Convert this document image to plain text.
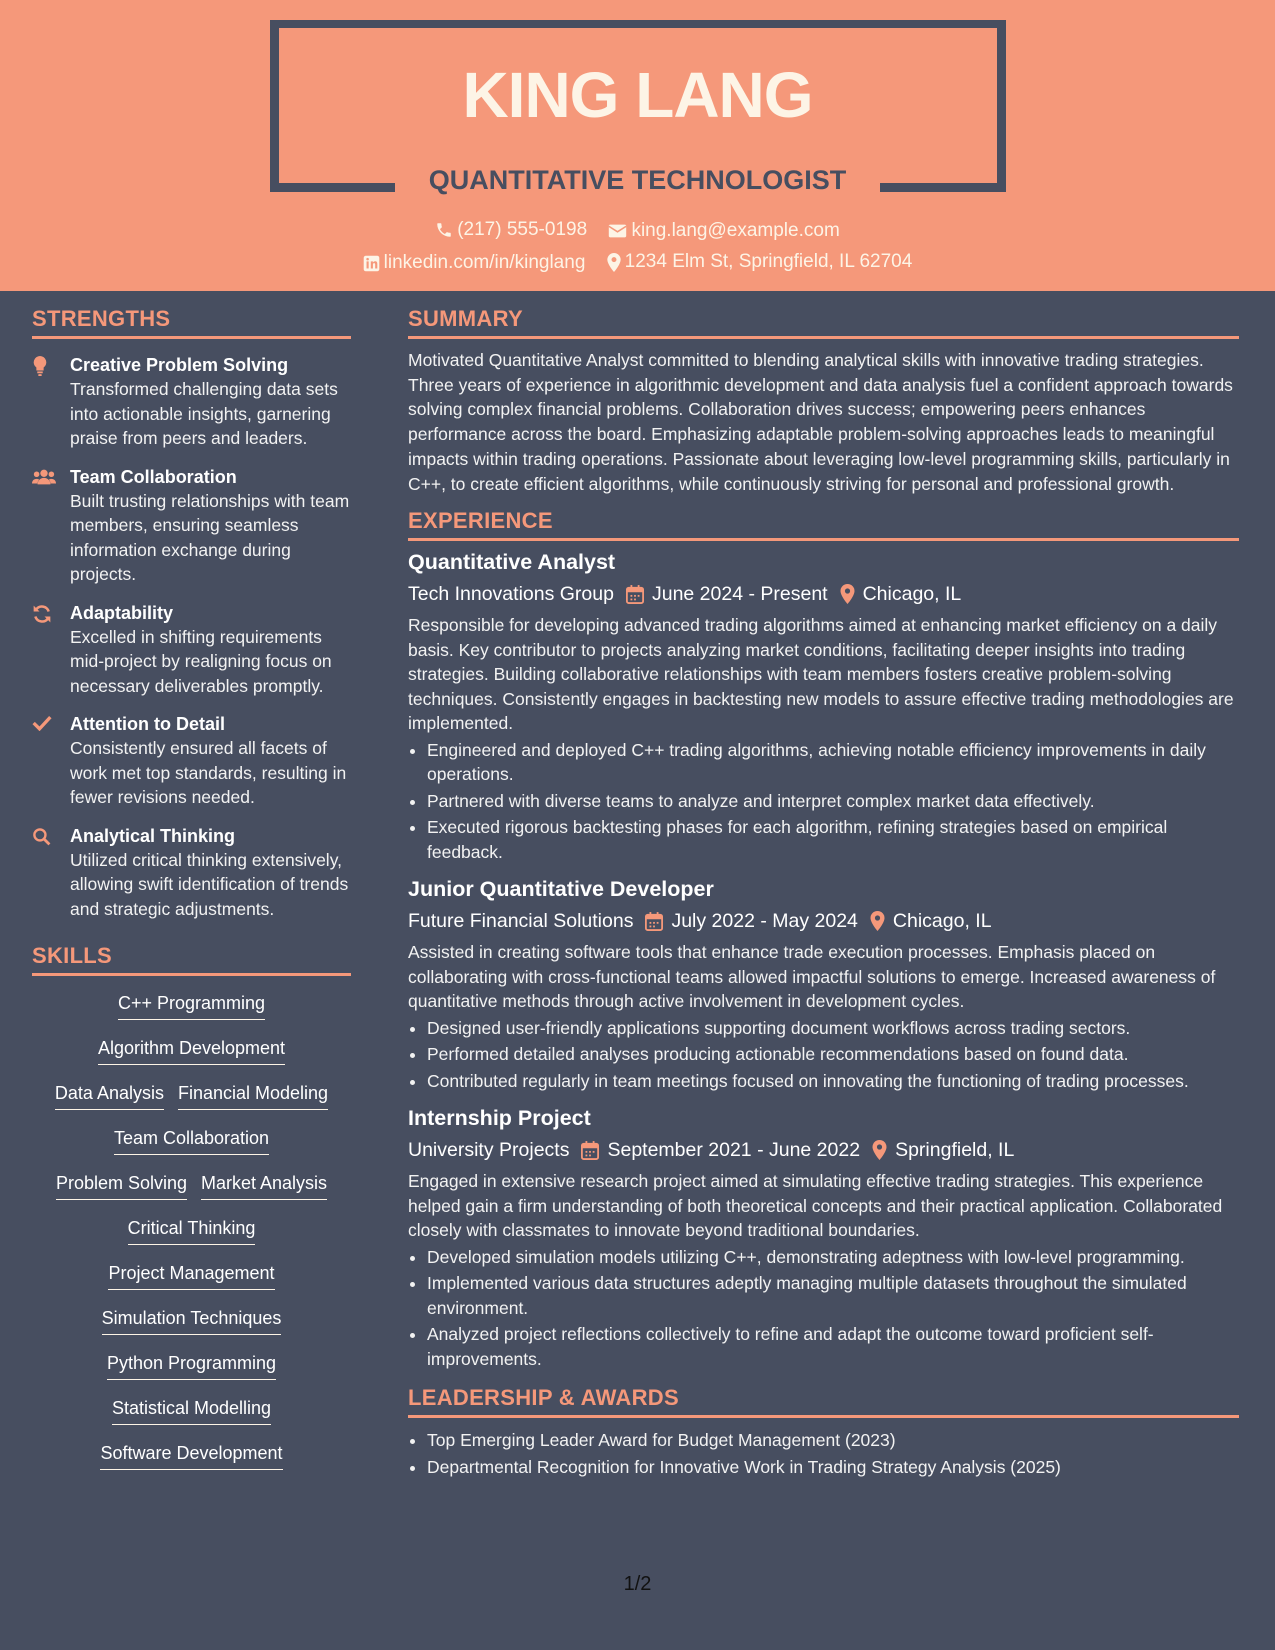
KING LANG
QUANTITATIVE TECHNOLOGIST
(217) 555-0198
king.lang@example.com
linkedin.com/in/kinglang
1234 Elm St, Springfield, IL 62704
STRENGTHS
Creative Problem Solving
Transformed challenging data sets into actionable insights, garnering praise from peers and leaders.
Team Collaboration
Built trusting relationships with team members, ensuring seamless information exchange during projects.
Adaptability
Excelled in shifting requirements mid-project by realigning focus on necessary deliverables promptly.
Attention to Detail
Consistently ensured all facets of work met top standards, resulting in fewer revisions needed.
Analytical Thinking
Utilized critical thinking extensively, allowing swift identification of trends and strategic adjustments.
SKILLS
C++ Programming
Algorithm Development
Data Analysis Financial Modeling
Team Collaboration
Problem Solving Market Analysis
Critical Thinking
Project Management
Simulation Techniques
Python Programming
Statistical Modelling
Software Development
SUMMARY
Motivated Quantitative Analyst committed to blending analytical skills with innovative trading strategies. Three years of experience in algorithmic development and data analysis fuel a confident approach towards solving complex financial problems. Collaboration drives success; empowering peers enhances performance across the board. Emphasizing adaptable problem-solving approaches leads to meaningful impacts within trading operations. Passionate about leveraging low-level programming skills, particularly in C++, to create efficient algorithms, while continuously striving for personal and professional growth.
EXPERIENCE
Quantitative Analyst
Tech Innovations Group June 2024 - Present Chicago, IL
Responsible for developing advanced trading algorithms aimed at enhancing market efficiency on a daily basis. Key contributor to projects analyzing market conditions, facilitating deeper insights into trading strategies. Building collaborative relationships with team members fosters creative problem-solving techniques. Consistently engages in backtesting new models to assure effective trading methodologies are implemented.
• Engineered and deployed C++ trading algorithms, achieving notable efficiency improvements in daily operations.
• Partnered with diverse teams to analyze and interpret complex market data effectively.
• Executed rigorous backtesting phases for each algorithm, refining strategies based on empirical feedback.
Junior Quantitative Developer
Future Financial Solutions July 2022 - May 2024 Chicago, IL
Assisted in creating software tools that enhance trade execution processes. Emphasis placed on collaborating with cross-functional teams allowed impactful solutions to emerge. Increased awareness of quantitative methods through active involvement in development cycles.
• Designed user-friendly applications supporting document workflows across trading sectors.
• Performed detailed analyses producing actionable recommendations based on found data.
• Contributed regularly in team meetings focused on innovating the functioning of trading processes.
Internship Project
University Projects September 2021 - June 2022 Springfield, IL
Engaged in extensive research project aimed at simulating effective trading strategies. This experience helped gain a firm understanding of both theoretical concepts and their practical application. Collaborated closely with classmates to innovate beyond traditional boundaries.
• Developed simulation models utilizing C++, demonstrating adeptness with low-level programming.
• Implemented various data structures adeptly managing multiple datasets throughout the simulated environment.
• Analyzed project reflections collectively to refine and adapt the outcome toward proficient self-improvements.
LEADERSHIP & AWARDS
• Top Emerging Leader Award for Budget Management (2023)
• Departmental Recognition for Innovative Work in Trading Strategy Analysis (2025)
1/2
